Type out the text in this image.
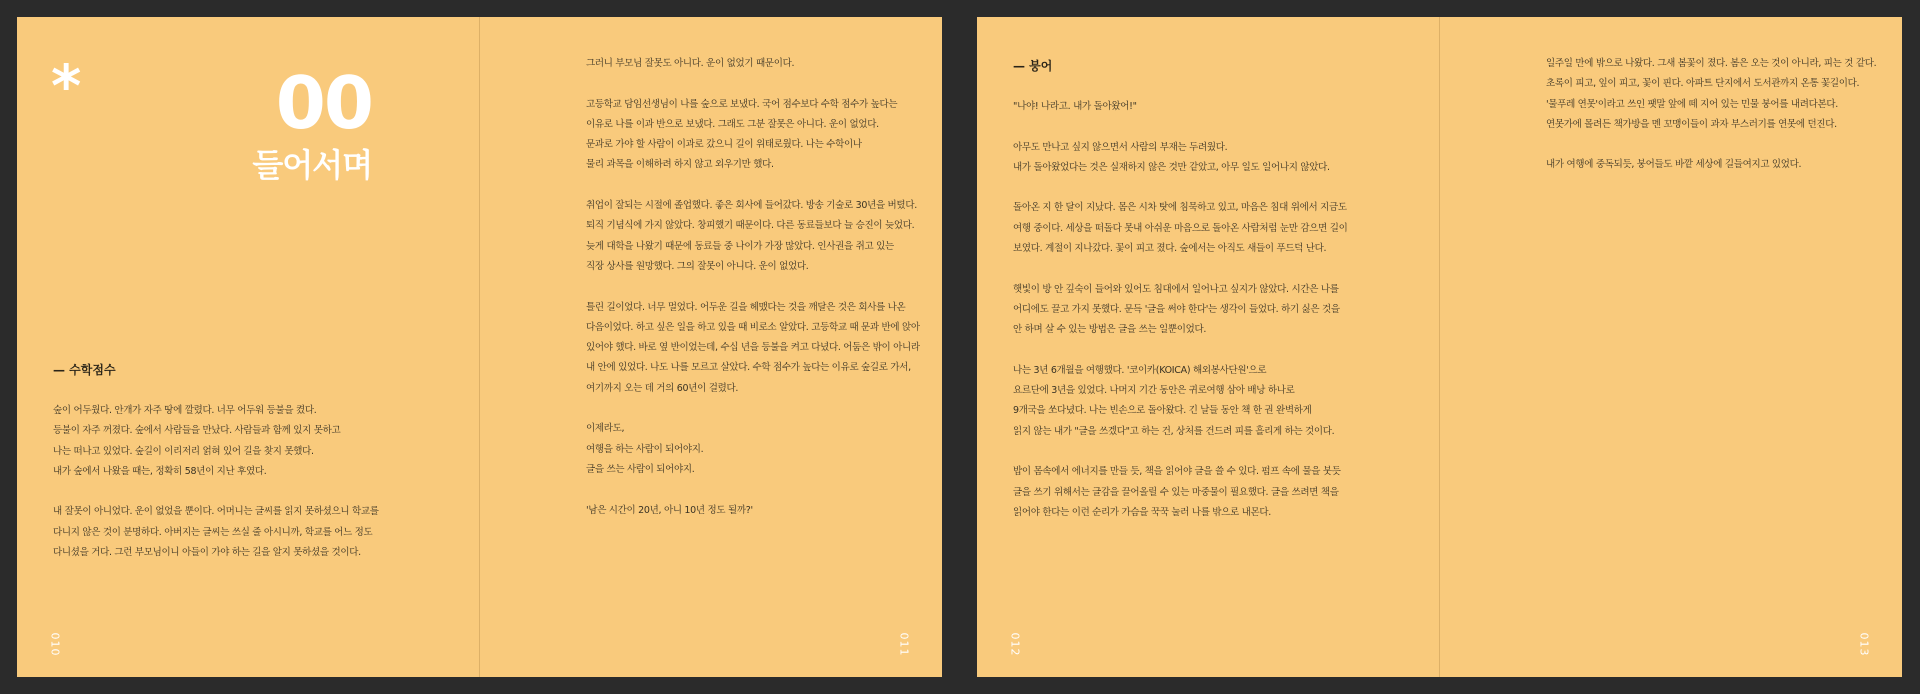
*	00
들어서며
— 수학점수
숲이 어두웠다. 안개가 자주 땅에 깔렸다. 너무 어두워 등불을 켰다.
등불이 자주 꺼졌다. 숲에서 사람들을 만났다. 사람들과 함께 있지 못하고
나는 떠나고 있었다. 숲길이 이리저리 얽혀 있어 길을 찾지 못했다.
내가 숲에서 나왔을 때는, 정확히 58년이 지난 후였다.
내 잘못이 아니었다. 운이 없었을 뿐이다. 어머니는 글씨를 읽지 못하셨으니 학교를
다니지 않은 것이 분명하다. 아버지는 글씨는 쓰실 줄 아시니까, 학교를 어느 정도
다니셨을 거다. 그런 부모님이니 아들이 가야 하는 길을 알지 못하셨을 것이다.
010
그러니 부모님 잘못도 아니다. 운이 없었기 때문이다.
고등학교 담임선생님이 나를 숲으로 보냈다. 국어 점수보다 수학 점수가 높다는
이유로 나를 이과 반으로 보냈다. 그래도 그분 잘못은 아니다. 운이 없었다.
문과로 가야 할 사람이 이과로 갔으니 길이 위태로웠다. 나는 수학이나
물리 과목을 이해하려 하지 않고 외우기만 했다.
취업이 잘되는 시절에 졸업했다. 좋은 회사에 들어갔다. 방송 기술로 30년을 버텼다.
퇴직 기념식에 가지 않았다. 창피했기 때문이다. 다른 동료들보다 늘 승진이 늦었다.
늦게 대학을 나왔기 때문에 동료들 중 나이가 가장 많았다. 인사권을 쥐고 있는
직장 상사를 원망했다. 그의 잘못이 아니다. 운이 없었다.
틀린 길이었다. 너무 멀었다. 어두운 길을 헤맸다는 것을 깨달은 것은 회사를 나온
다음이었다. 하고 싶은 일을 하고 있을 때 비로소 알았다. 고등학교 때 문과 반에 앉아
있어야 했다. 바로 옆 반이었는데, 수십 년을 등불을 켜고 다녔다. 어둠은 밖이 아니라
내 안에 있었다. 나도 나를 모르고 살았다. 수학 점수가 높다는 이유로 숲길로 가서,
여기까지 오는 데 거의 60년이 걸렸다.
이제라도,
여행을 하는 사람이 되어야지.
글을 쓰는 사람이 되어야지.
'남은 시간이 20년, 아니 10년 정도 될까?'
011
— 붕어
"나야! 나라고. 내가 돌아왔어!"
아무도 만나고 싶지 않으면서 사람의 부재는 두려웠다.
내가 돌아왔었다는 것은 실재하지 않은 것만 같았고, 아무 일도 일어나지 않았다.
돌아온 지 한 달이 지났다. 몸은 시차 탓에 침묵하고 있고, 마음은 침대 위에서 지금도
여행 중이다. 세상을 떠돌다 못내 아쉬운 마음으로 돌아온 사람처럼 눈만 감으면 길이
보였다. 계절이 지나갔다. 꽃이 피고 졌다. 숲에서는 아직도 새들이 푸드덕 난다.
햇빛이 방 안 깊숙이 들어와 있어도 침대에서 일어나고 싶지가 않았다. 시간은 나를
어디에도 끌고 가지 못했다. 문득 '글을 써야 한다'는 생각이 들었다. 하기 싫은 것을
안 하며 살 수 있는 방법은 글을 쓰는 일뿐이었다.
나는 3년 6개월을 여행했다. '코이카(KOICA) 해외봉사단원'으로
요르단에 3년을 있었다. 나머지 기간 동안은 귀로여행 삼아 배낭 하나로
9개국을 쏘다녔다. 나는 빈손으로 돌아왔다. 긴 날들 동안 책 한 권 완벽하게
읽지 않는 내가 "글을 쓰겠다"고 하는 건, 상처를 건드려 피를 흘리게 하는 것이다.
밥이 몸속에서 에너지를 만들 듯, 책을 읽어야 글을 쓸 수 있다. 펌프 속에 물을 붓듯
글을 쓰기 위해서는 글감을 끌어올릴 수 있는 마중물이 필요했다. 글을 쓰려면 책을
읽어야 한다는 이런 순리가 가슴을 꾹꾹 눌러 나를 밖으로 내몬다.
012
일주일 만에 밖으로 나왔다. 그새 봄꽃이 졌다. 봄은 오는 것이 아니라, 피는 것 같다.
초록이 피고, 잎이 피고, 꽃이 핀다. 아파트 단지에서 도서관까지 온통 꽃길이다.
'물푸레 연못'이라고 쓰인 팻말 앞에 떼 지어 있는 민물 붕어를 내려다본다.
연못가에 몰려든 책가방을 멘 꼬맹이들이 과자 부스러기를 연못에 던진다.
내가 여행에 중독되듯, 붕어들도 바깥 세상에 길들여지고 있었다.
013
